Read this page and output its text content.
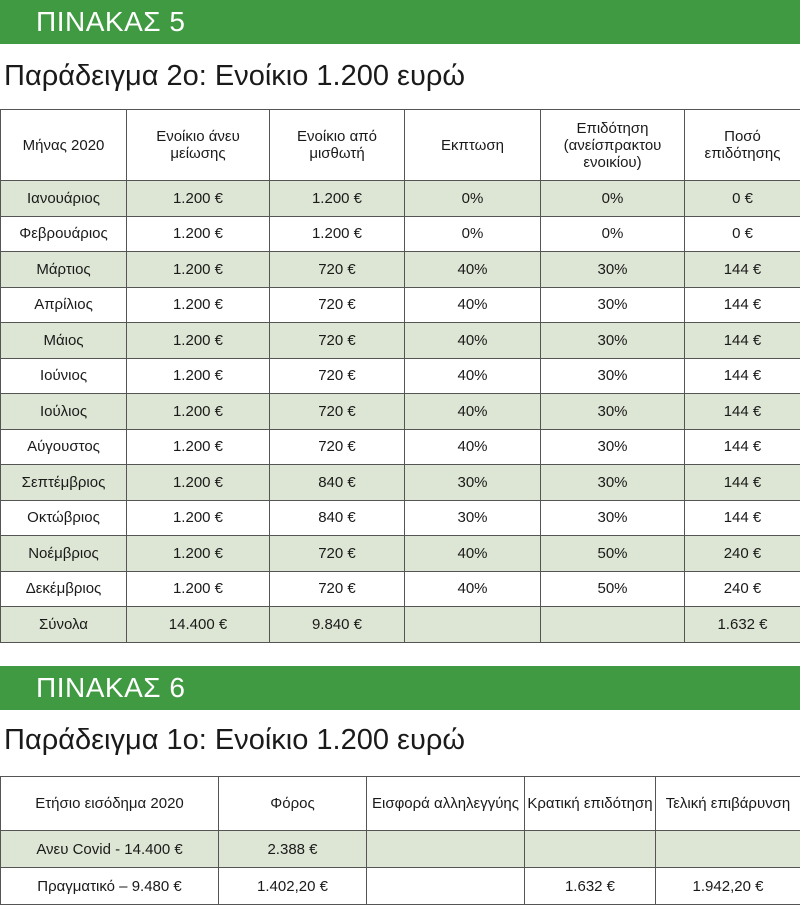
ΠΙΝΑΚΑΣ 5
Παράδειγμα 2ο: Ενοίκιο 1.200 ευρώ
Μήνας 2020	Ενοίκιο άνευ μείωσης	Ενοίκιο από μισθωτή	Εκπτωση	Επιδότηση (ανείσπρακτου ενοικίου)	Ποσό επιδότησης
Ιανουάριος	1.200 €	1.200 €	0%	0%	0 €
Φεβρουάριος	1.200 €	1.200 €	0%	0%	0 €
Μάρτιος	1.200 €	720 €	40%	30%	144 €
Απρίλιος	1.200 €	720 €	40%	30%	144 €
Μάιος	1.200 €	720 €	40%	30%	144 €
Ιούνιος	1.200 €	720 €	40%	30%	144 €
Ιούλιος	1.200 €	720 €	40%	30%	144 €
Αύγουστος	1.200 €	720 €	40%	30%	144 €
Σεπτέμβριος	1.200 €	840 €	30%	30%	144 €
Οκτώβριος	1.200 €	840 €	30%	30%	144 €
Νοέμβριος	1.200 €	720 €	40%	50%	240 €
Δεκέμβριος	1.200 €	720 €	40%	50%	240 €
Σύνολα	14.400 €	9.840 €			1.632 €
ΠΙΝΑΚΑΣ 6
Παράδειγμα 1ο: Ενοίκιο 1.200 ευρώ
Ετήσιο εισόδημα 2020	Φόρος	Εισφορά αλληλεγγύης	Κρατική επιδότηση	Τελική επιβάρυνση
Ανευ Covid - 14.400 €	2.388 €			
Πραγματικό – 9.480 €	1.402,20 €		1.632 €	1.942,20 €
